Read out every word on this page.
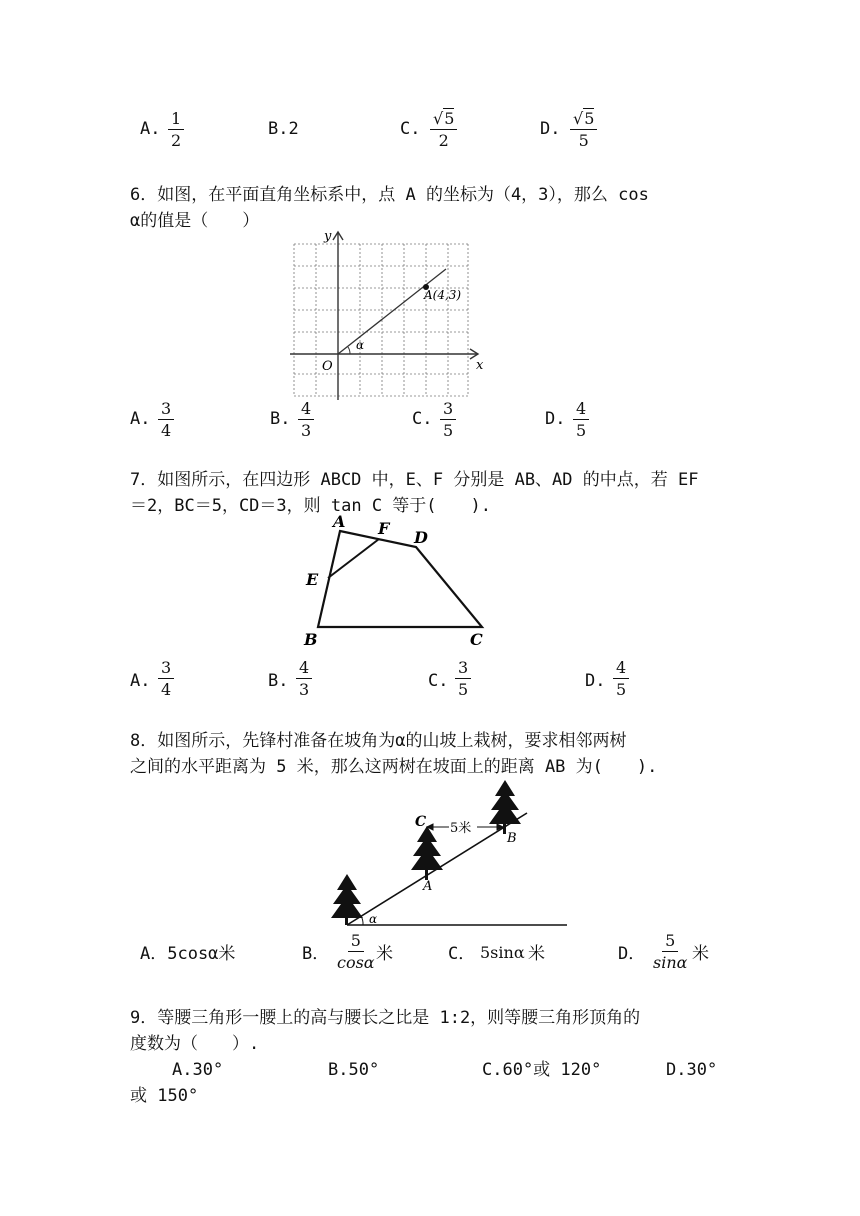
A. $\frac{1}{2}$	B.2	C. $\frac{√5}{2}$	D. $\frac{√5}{5}$
6．如图，在平面直角坐标系中，点 A 的坐标为（4，3），那么 cos
α的值是（　　）
y
x
O
α
A(4,3)
A. $\frac{3}{4}$	B. $\frac{4}{3}$	C. $\frac{3}{5}$	D. $\frac{4}{5}$
7．如图所示，在四边形 ABCD 中，E、F 分别是 AB、AD 的中点，若 EF
＝2，BC＝5，CD＝3，则 tan C 等于(　　).
A F D
E
B	C
A. $\frac{3}{4}$	B. $\frac{4}{3}$	C. $\frac{3}{5}$	D. $\frac{4}{5}$
8．如图所示，先锋村准备在坡角为α的山坡上栽树，要求相邻两树
之间的水平距离为 5 米，那么这两树在坡面上的距离 AB 为(　　).
C 5米
B
A
α
A．5cosα米	B． $\frac{5}{\cos\alpha}$
米	C． 5sinα 米	D． $\frac{5}{\sin\alpha}$ 米
9．等腰三角形一腰上的高与腰长之比是 1:2，则等腰三角形顶角的
度数为（　　）.
A.30°	B.50°	C.60°或 120°	D.30°
或 150°
